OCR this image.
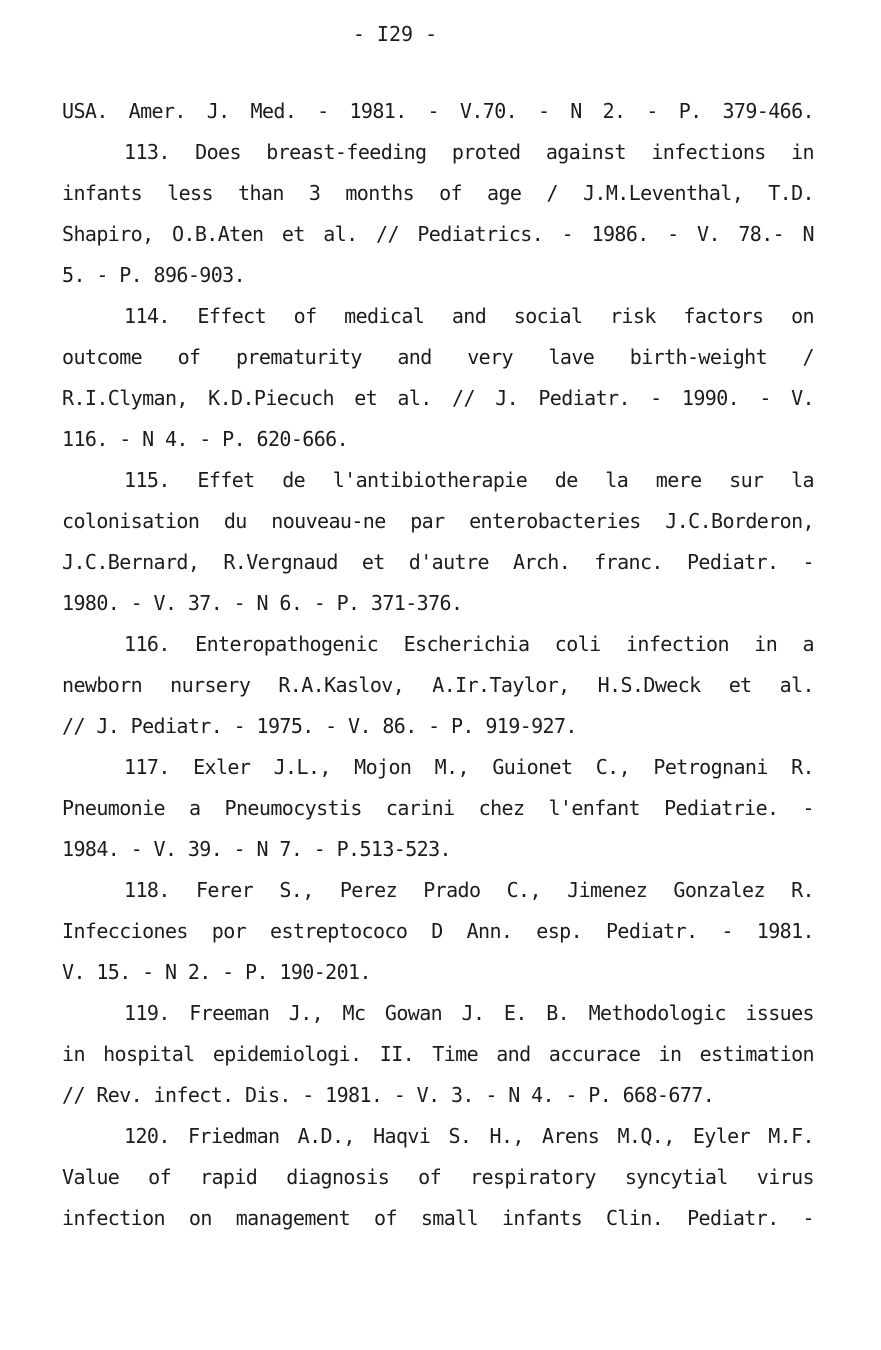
- I29 -
USA. Amer. J. Med. - 1981. - V.70. - N 2. - P. 379-466.
113. Does breast-feeding proted against infections in
infants less than 3 months of age / J.M.Leventhal, T.D.
Shapiro, O.B.Aten et al. // Pediatrics. - 1986. - V. 78.- N
5. - P. 896-903.
114. Effect of medical and social risk factors on
outcome of prematurity and very lave birth-weight /
R.I.Clyman, K.D.Piecuch et al. // J. Pediatr. - 1990. - V.
116. - N 4. - P. 620-666.
115. Effet de l'antibiotherapie de la mere sur la
colonisation du nouveau-ne par enterobacteries J.C.Borderon,
J.C.Bernard, R.Vergnaud et d'autre Arch. franc. Pediatr. -
1980. - V. 37. - N 6. - P. 371-376.
116. Enteropathogenic Escherichia coli infection in a
newborn nursery R.A.Kaslov, A.Ir.Taylor, H.S.Dweck et al.
// J. Pediatr. - 1975. - V. 86. - P. 919-927.
117. Exler J.L., Mojon M., Guionet C., Petrognani R.
Pneumonie a Pneumocystis carini chez l'enfant Pediatrie. -
1984. - V. 39. - N 7. - P.513-523.
118. Ferer S., Perez Prado C., Jimenez Gonzalez R.
Infecciones por estreptococo D Ann. esp. Pediatr. - 1981.
V. 15. - N 2. - P. 190-201.
119. Freeman J., Mc Gowan J. E. B. Methodologic issues
in hospital epidemiologi. II. Time and accurace in estimation
// Rev. infect. Dis. - 1981. - V. 3. - N 4. - P. 668-677.
120. Friedman A.D., Haqvi S. H., Arens M.Q., Eyler M.F.
Value of rapid diagnosis of respiratory syncytial virus
infection on management of small infants Clin. Pediatr. -
